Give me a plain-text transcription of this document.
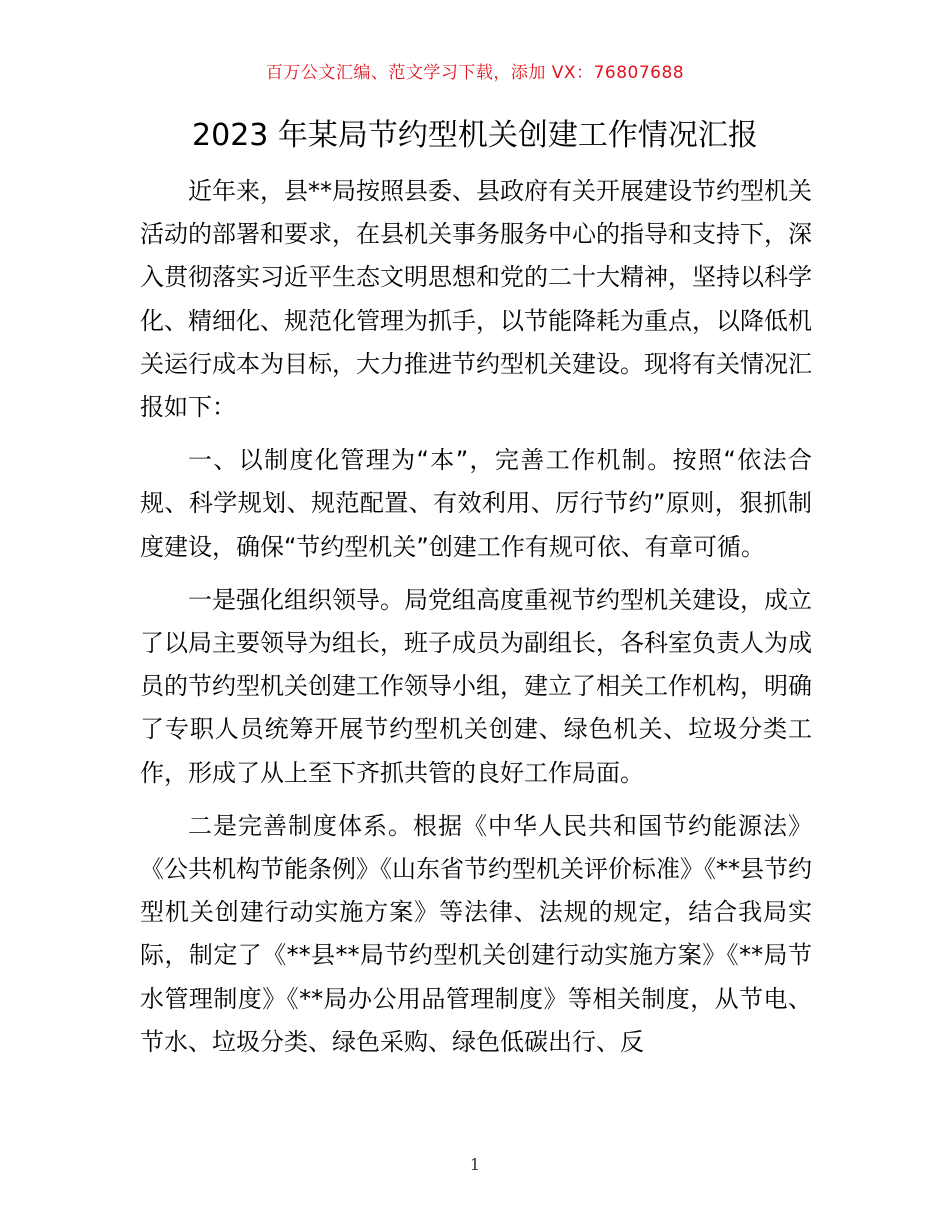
百万公文汇编、范文学习下载，添加 VX：76807688
2023 年某局节约型机关创建工作情况汇报

近年来，县**局按照县委、县政府有关开展建设节约型机关活动的部署和要求，在县机关事务服务中心的指导和支持下，深入贯彻落实习近平生态文明思想和党的二十大精神，坚持以科学化、精细化、规范化管理为抓手，以节能降耗为重点，以降低机关运行成本为目标，大力推进节约型机关建设。现将有关情况汇报如下：

一、以制度化管理为“本”，完善工作机制。按照“依法合规、科学规划、规范配置、有效利用、厉行节约”原则，狠抓制度建设，确保“节约型机关”创建工作有规可依、有章可循。

一是强化组织领导。局党组高度重视节约型机关建设，成立了以局主要领导为组长，班子成员为副组长，各科室负责人为成员的节约型机关创建工作领导小组，建立了相关工作机构，明确了专职人员统筹开展节约型机关创建、绿色机关、垃圾分类工作，形成了从上至下齐抓共管的良好工作局面。

二是完善制度体系。根据《中华人民共和国节约能源法》《公共机构节能条例》《山东省节约型机关评价标准》《**县节约型机关创建行动实施方案》等法律、法规的规定，结合我局实际，制定了《**县**局节约型机关创建行动实施方案》《**局节水管理制度》《**局办公用品管理制度》等相关制度，从节电、节水、垃圾分类、绿色采购、绿色低碳出行、反

1
